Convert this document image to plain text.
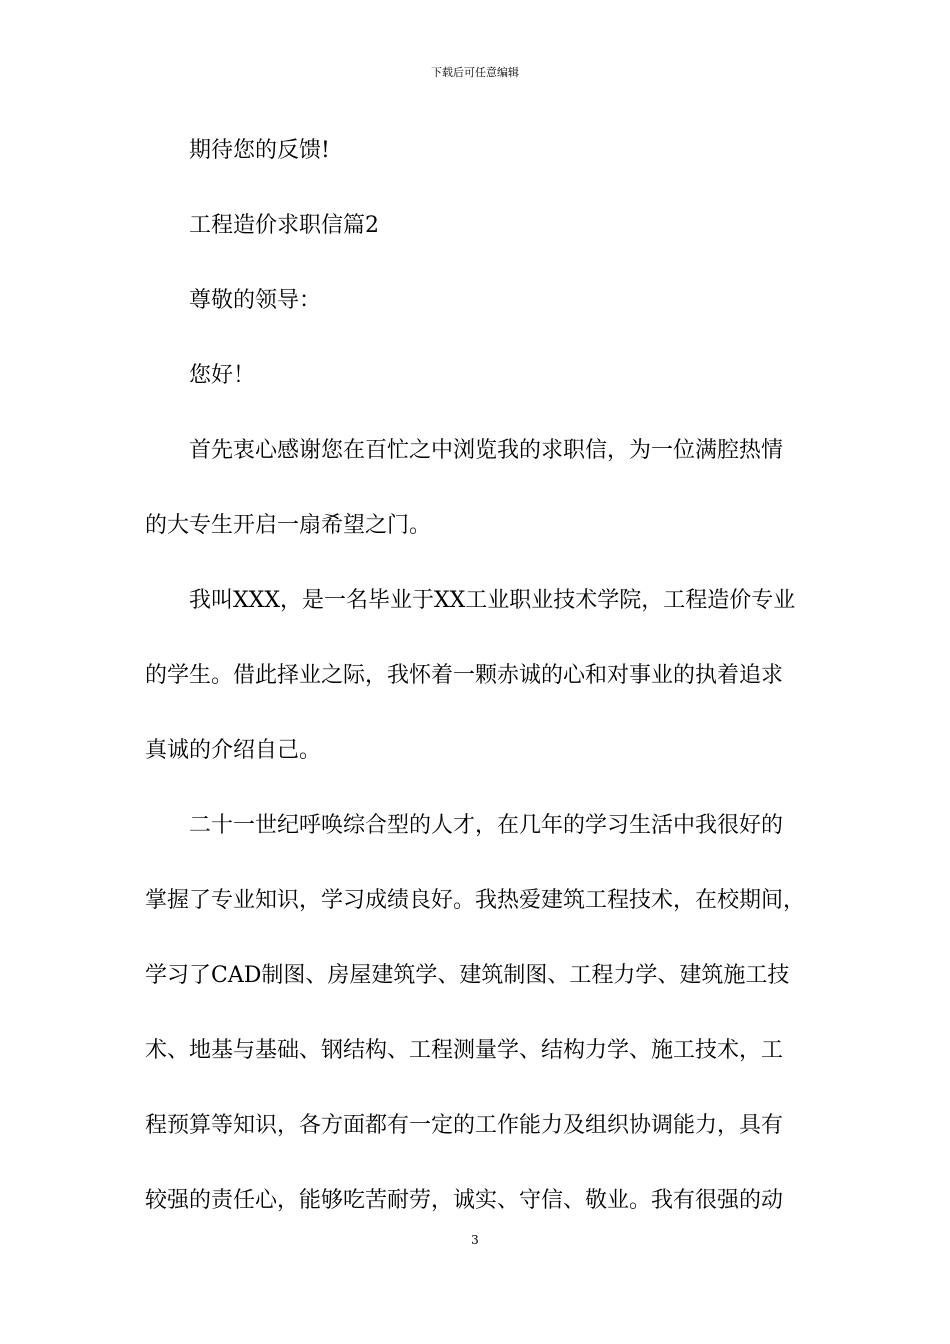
下载后可任意编辑
期待您的反馈!
工程造价求职信篇2
尊敬的领导：
您好！
首先衷心感谢您在百忙之中浏览我的求职信，为一位满腔热情
的大专生开启一扇希望之门。
我叫XXX，是一名毕业于XX工业职业技术学院，工程造价专业
的学生。借此择业之际，我怀着一颗赤诚的心和对事业的执着追求
真诚的介绍自己。
二十一世纪呼唤综合型的人才，在几年的学习生活中我很好的
掌握了专业知识，学习成绩良好。我热爱建筑工程技术，在校期间，
学习了CAD制图、房屋建筑学、建筑制图、工程力学、建筑施工技
术、地基与基础、钢结构、工程测量学、结构力学、施工技术，工
程预算等知识，各方面都有一定的工作能力及组织协调能力，具有
较强的责任心，能够吃苦耐劳，诚实、守信、敬业。我有很强的动
3
